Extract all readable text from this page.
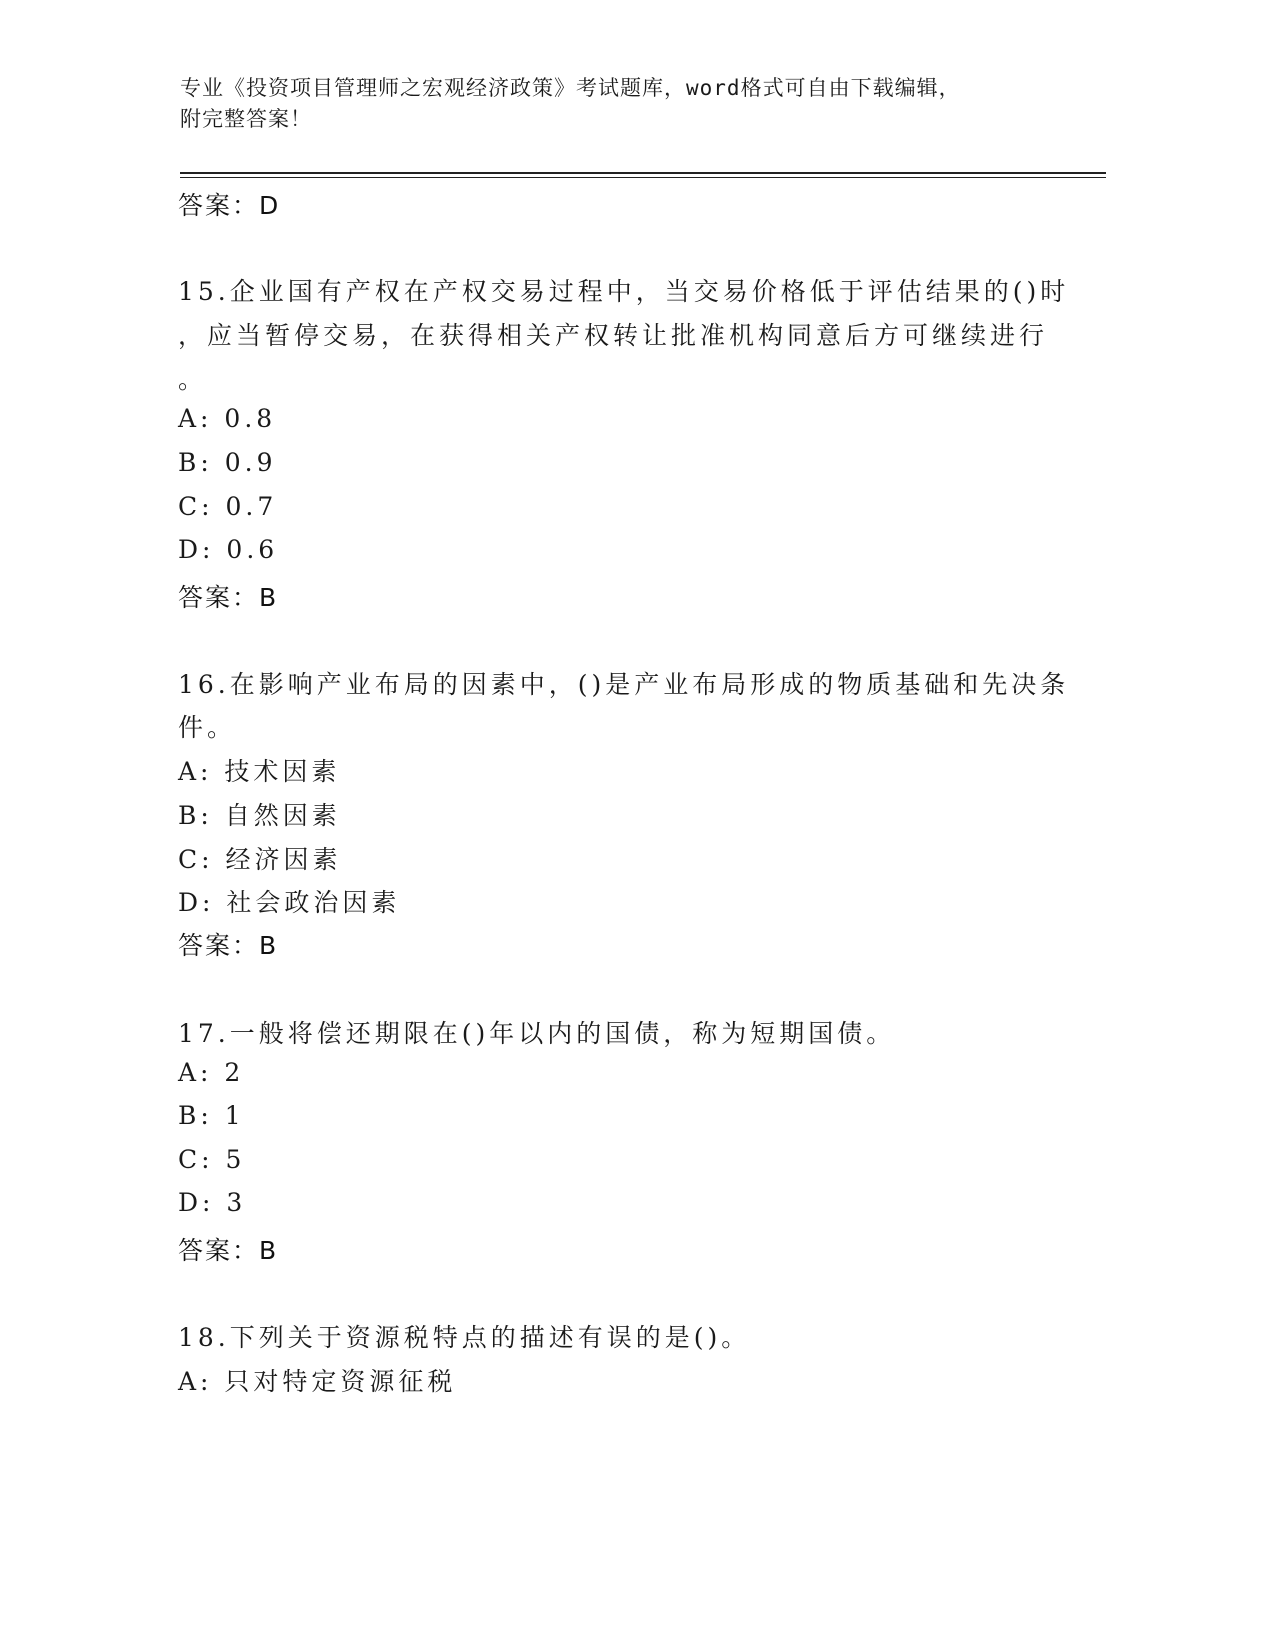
专业《投资项目管理师之宏观经济政策》考试题库，word格式可自由下载编辑，
附完整答案！
答案：D
15.企业国有产权在产权交易过程中，当交易价格低于评估结果的()时
，应当暂停交易，在获得相关产权转让批准机构同意后方可继续进行
。
A: 0.8
B: 0.9
C: 0.7
D: 0.6
答案：B
16.在影响产业布局的因素中，()是产业布局形成的物质基础和先决条
件。
A: 技术因素
B: 自然因素
C: 经济因素
D: 社会政治因素
答案：B
17.一般将偿还期限在()年以内的国债，称为短期国债。
A: 2
B: 1
C: 5
D: 3
答案：B
18.下列关于资源税特点的描述有误的是()。
A: 只对特定资源征税
